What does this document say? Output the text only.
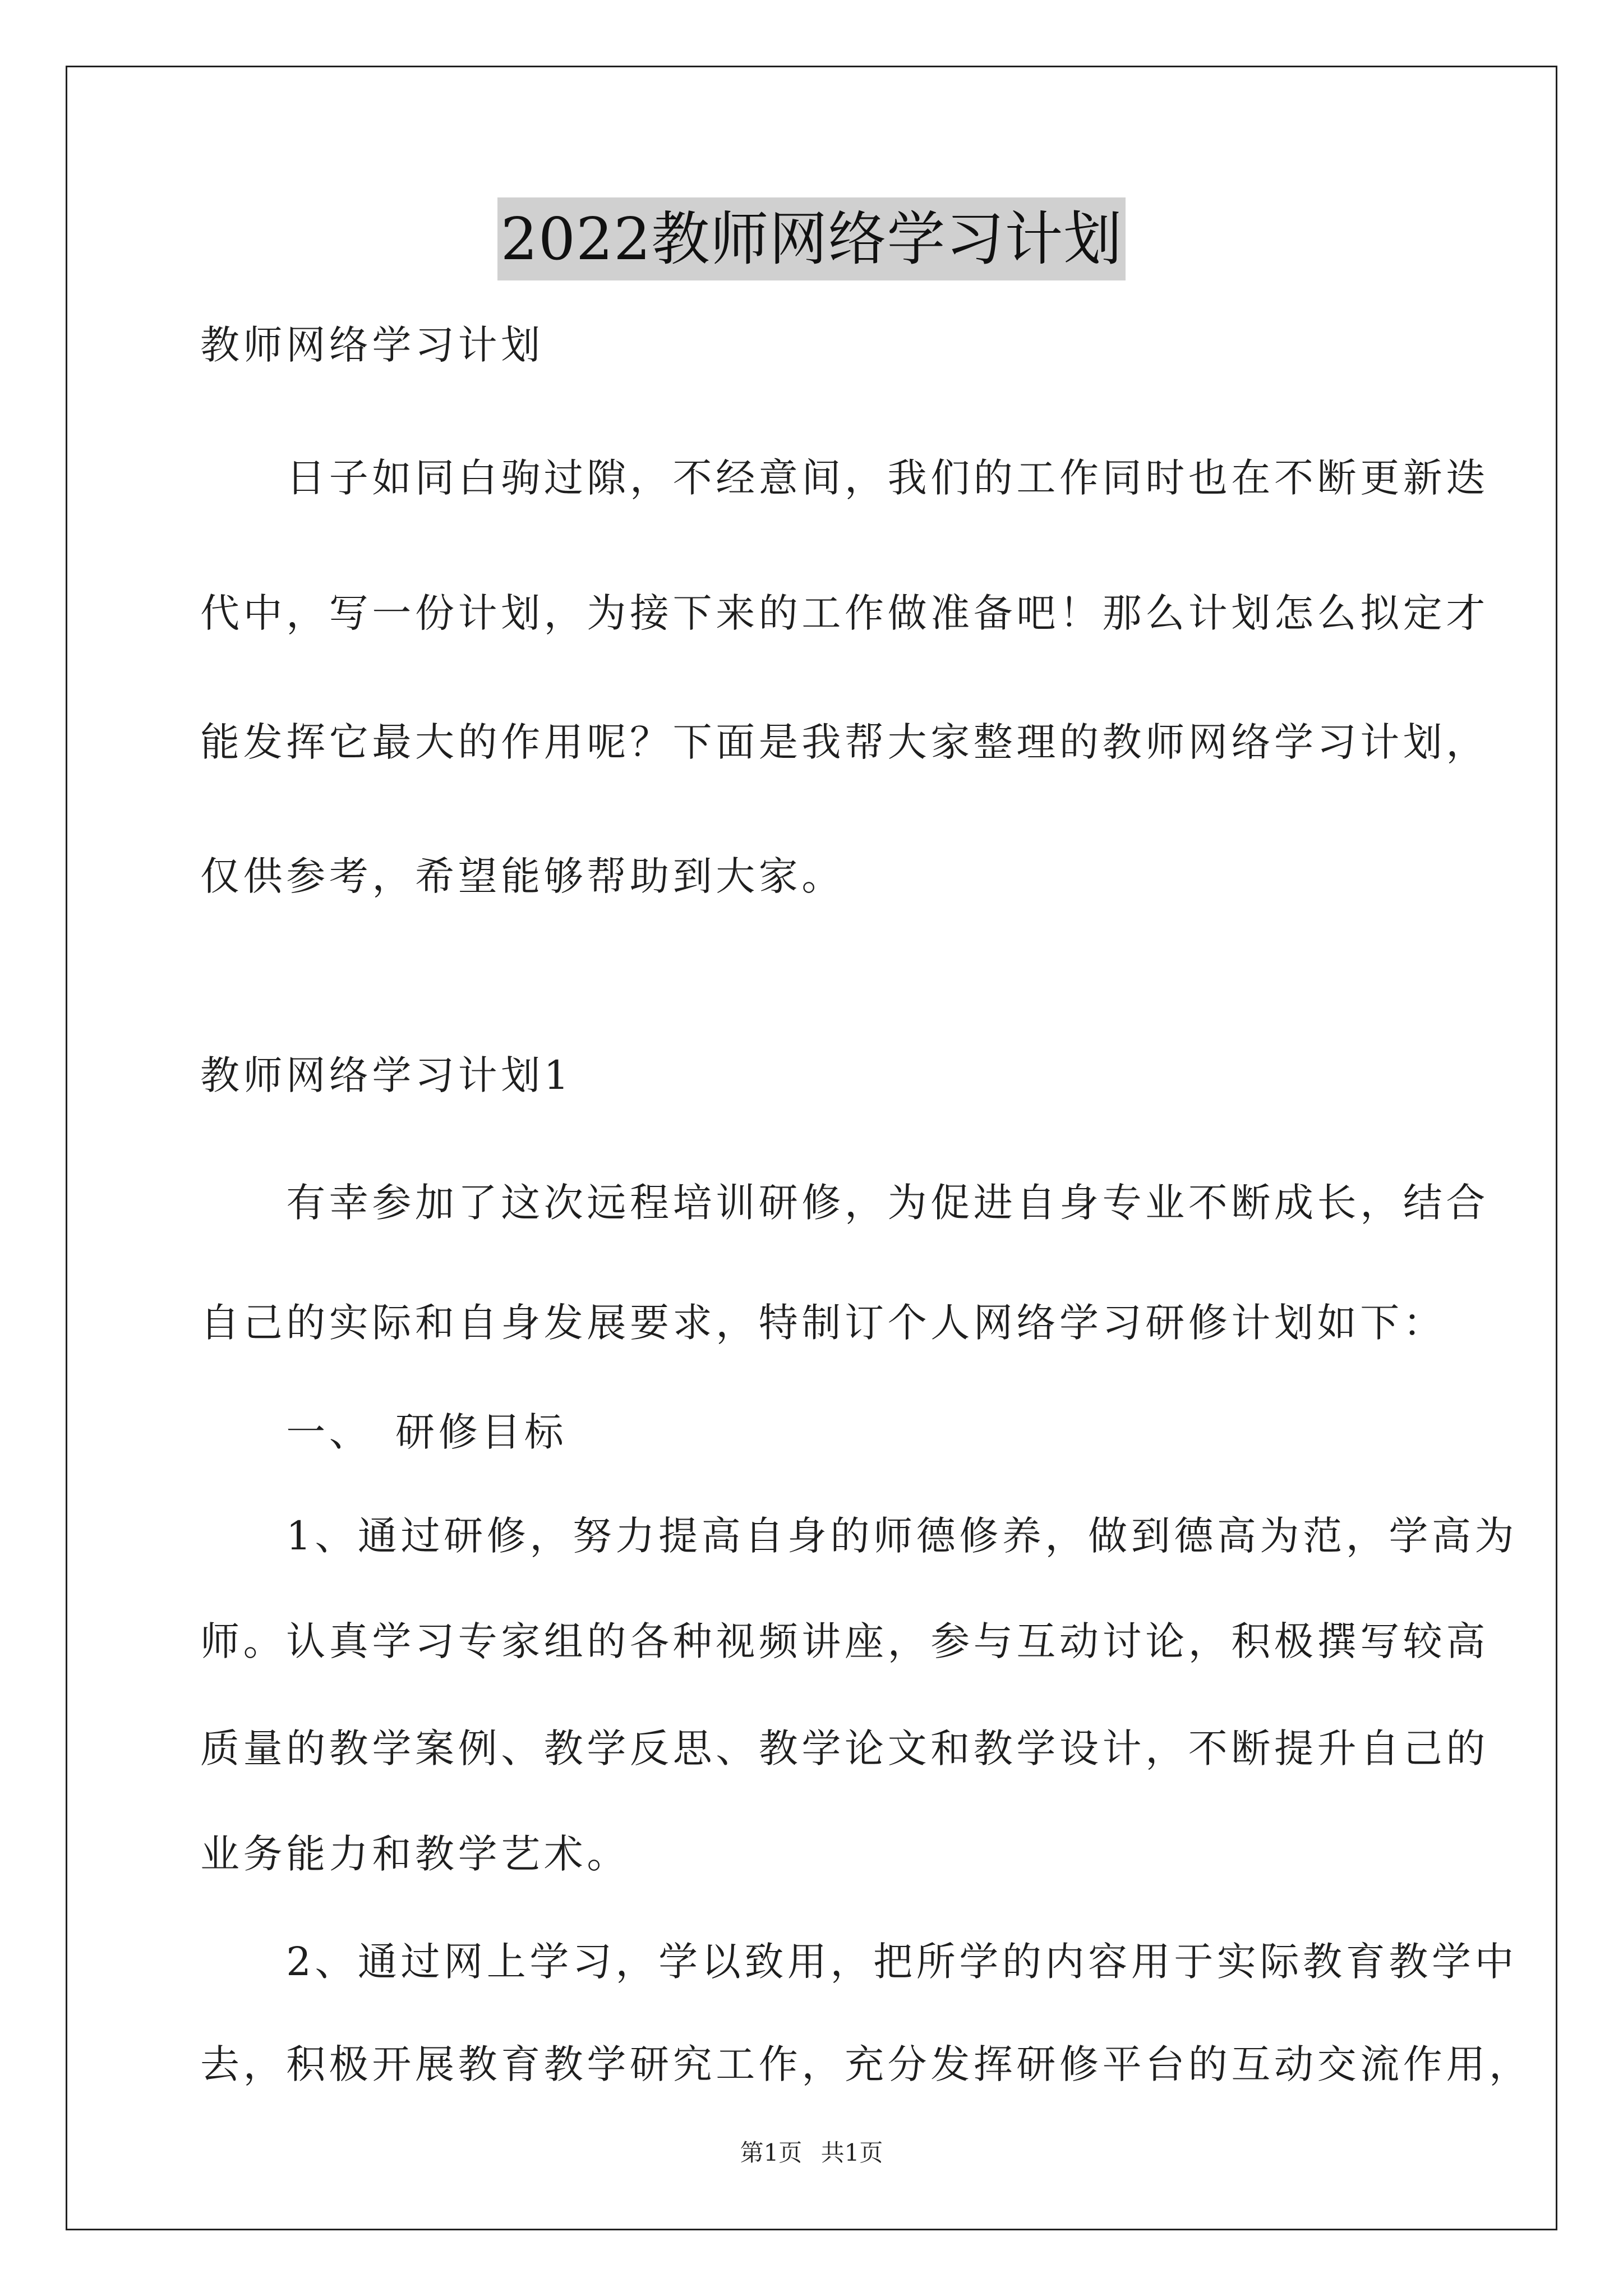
2022教师网络学习计划
教师网络学习计划
　　日子如同白驹过隙，不经意间，我们的工作同时也在不断更新迭
代中，写一份计划，为接下来的工作做准备吧！那么计划怎么拟定才
能发挥它最大的作用呢？下面是我帮大家整理的教师网络学习计划，
仅供参考，希望能够帮助到大家。
教师网络学习计划1
　　有幸参加了这次远程培训研修，为促进自身专业不断成长，结合
自己的实际和自身发展要求，特制订个人网络学习研修计划如下：
　　一、　研修目标
　　1、通过研修，努力提高自身的师德修养，做到德高为范，学高为
师。认真学习专家组的各种视频讲座，参与互动讨论，积极撰写较高
质量的教学案例、教学反思、教学论文和教学设计，不断提升自己的
业务能力和教学艺术。
　　2、通过网上学习，学以致用，把所学的内容用于实际教育教学中
去，积极开展教育教学研究工作，充分发挥研修平台的互动交流作用，
第1页 共1页
